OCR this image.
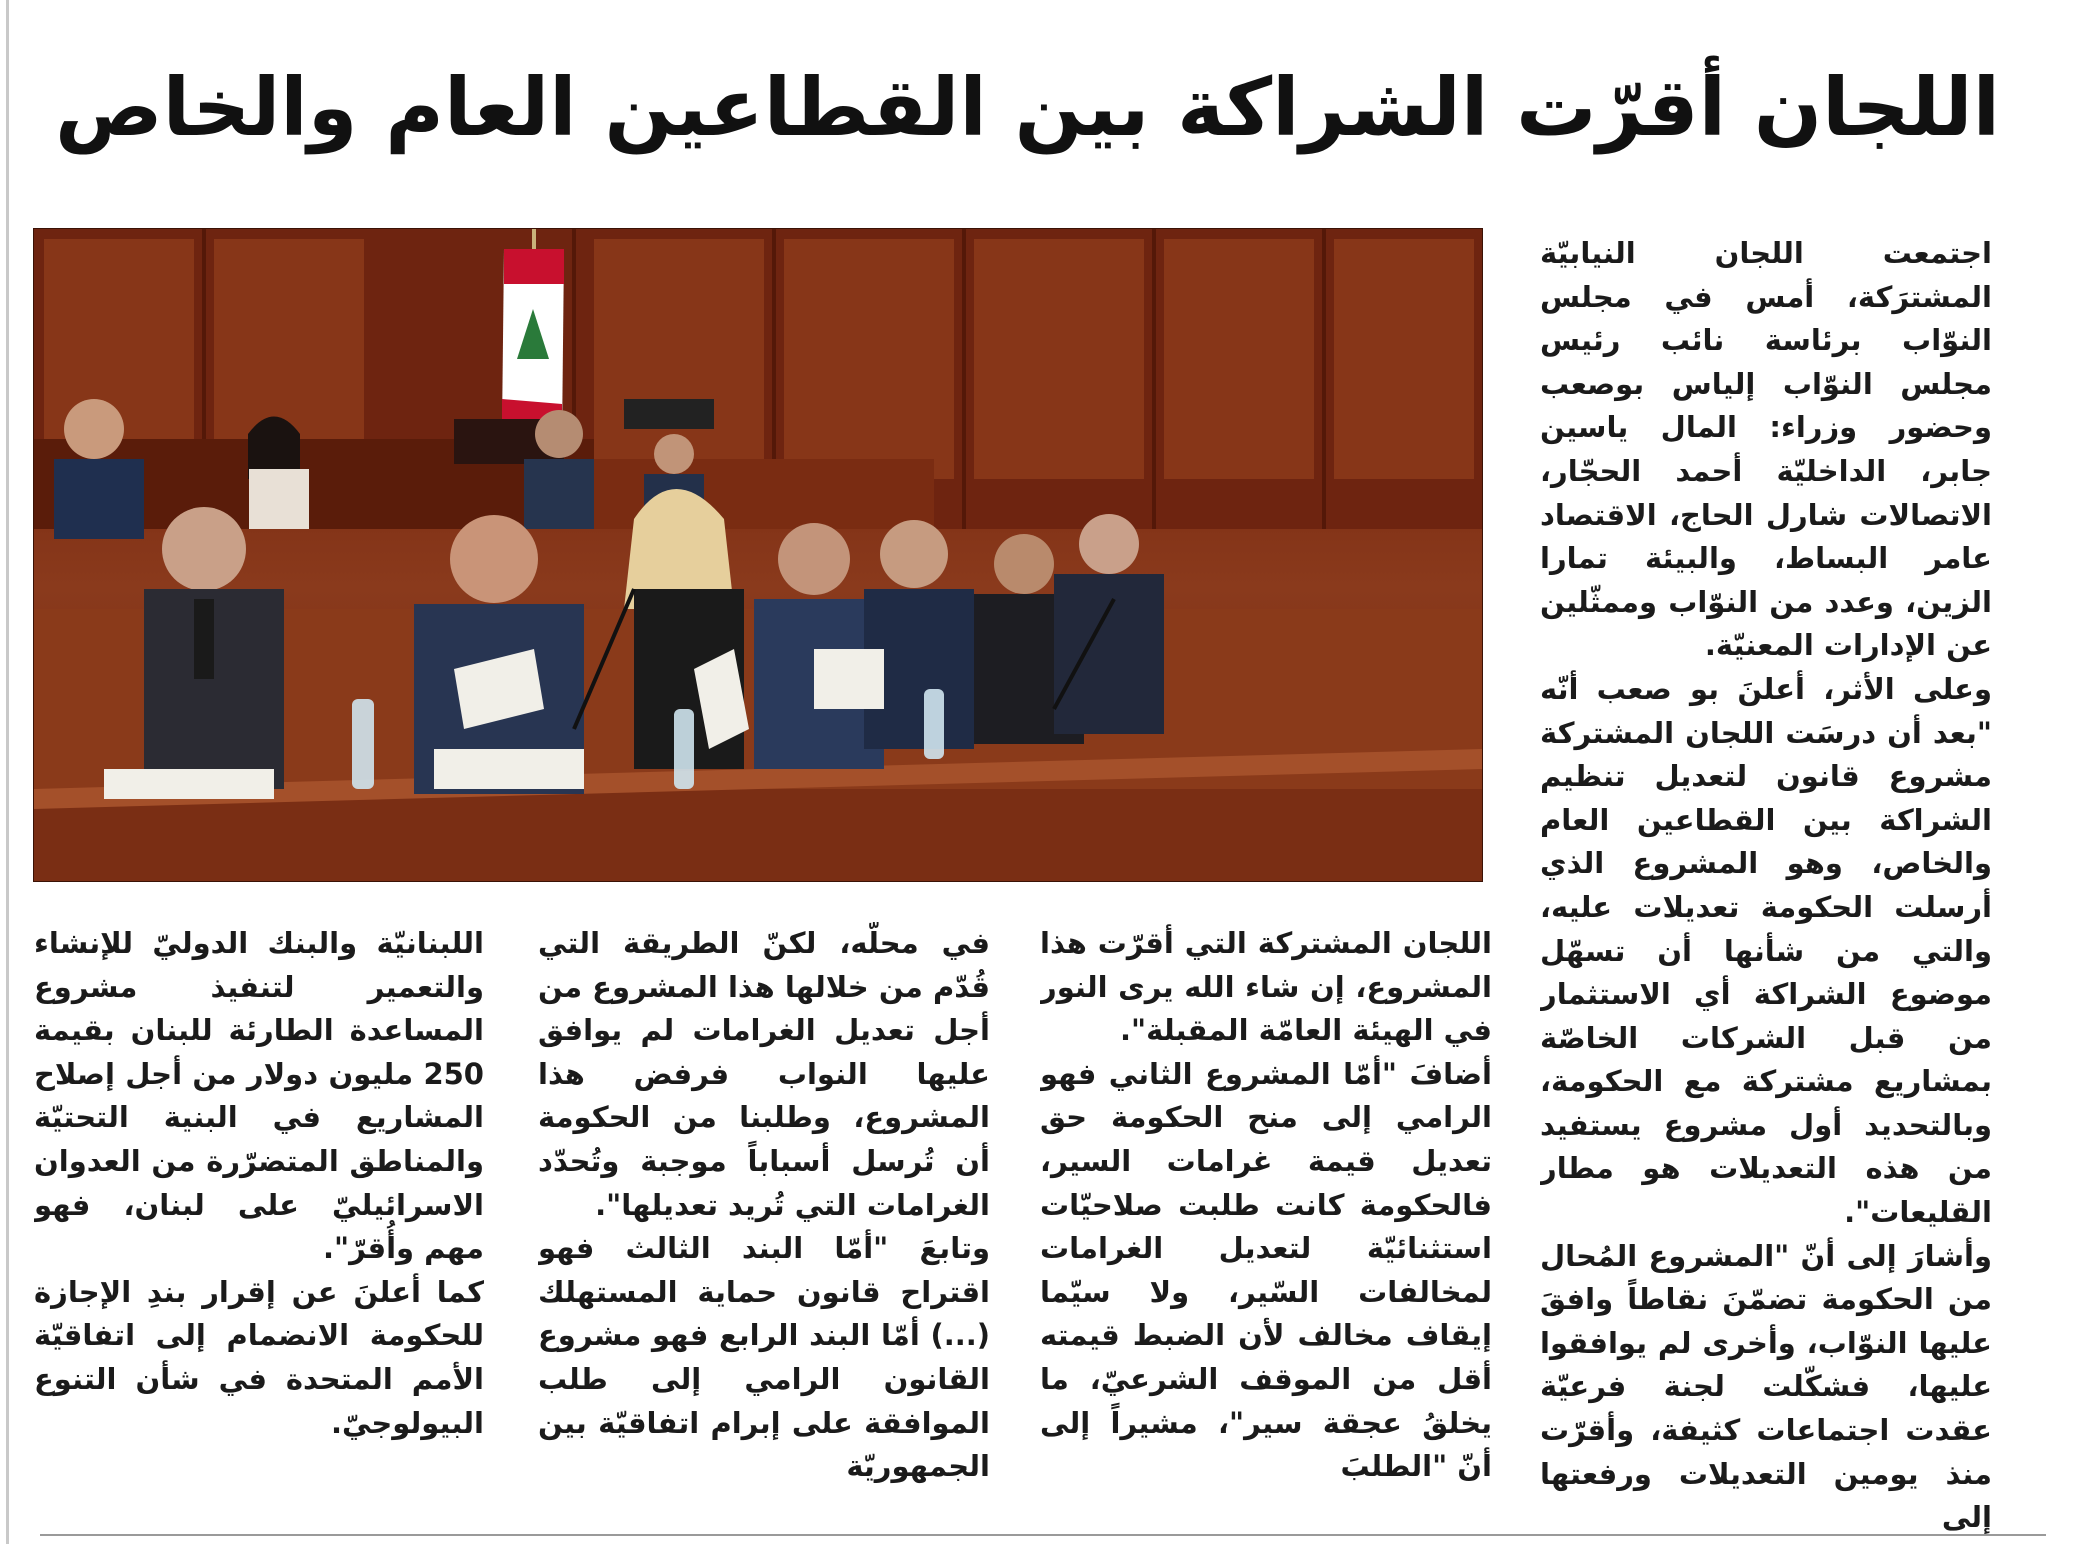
اللجان أقرّت الشراكة بين القطاعين العام والخاص

اجتمعت اللجان النيابيّة المشترَكة، أمس في مجلس النوّاب برئاسة نائب رئيس مجلس النوّاب إلياس بوصعب وحضور وزراء: المال ياسين جابر، الداخليّة أحمد الحجّار، الاتصالات شارل الحاج، الاقتصاد عامر البساط، والبيئة تمارا الزين، وعدد من النوّاب وممثّلين عن الإدارات المعنيّة.

وعلى الأثر، أعلنَ بو صعب أنّه "بعد أن درسَت اللجان المشتركة مشروع قانون لتعديل تنظيم الشراكة بين القطاعين العام والخاص، وهو المشروع الذي أرسلت الحكومة تعديلات عليه، والتي من شأنها أن تسهّل موضوع الشراكة أي الاستثمار من قبل الشركات الخاصّة بمشاريع مشتركة مع الحكومة، وبالتحديد أول مشروع يستفيد من هذه التعديلات هو مطار القليعات".

وأشارَ إلى أنّ "المشروع المُحال من الحكومة تضمّنَ نقاطاً وافقَ عليها النوّاب، وأخرى لم يوافقوا عليها، فشكّلت لجنة فرعيّة عقدت اجتماعات كثيفة، وأقرّت منذ يومين التعديلات ورفعتها إلى

اللجان المشتركة التي أقرّت هذا المشروع، إن شاء الله يرى النور في الهيئة العامّة المقبلة".

أضافَ "أمّا المشروع الثاني فهو الرامي إلى منح الحكومة حق تعديل قيمة غرامات السير، فالحكومة كانت طلبت صلاحيّات استثنائيّة لتعديل الغرامات لمخالفات السّير، ولا سيّما إيقاف مخالف لأن الضبط قيمته أقل من الموقف الشرعيّ، ما يخلقُ عجقة سير"، مشيراً إلى أنّ "الطلبَ

في محلّه، لكنّ الطريقة التي قُدّم من خلالها هذا المشروع من أجل تعديل الغرامات لم يوافق عليها النواب فرفض هذا المشروع، وطلبنا من الحكومة أن تُرسل أسباباً موجبة وتُحدّد الغرامات التي تُريد تعديلها".

وتابعَ "أمّا البند الثالث فهو اقتراح قانون حماية المستهلك (...) أمّا البند الرابع فهو مشروع القانون الرامي إلى طلب الموافقة على إبرام اتفاقيّة بين الجمهوريّة

اللبنانيّة والبنك الدوليّ للإنشاء والتعمير لتنفيذ مشروع المساعدة الطارئة للبنان بقيمة 250 مليون دولار من أجل إصلاح المشاريع في البنية التحتيّة والمناطق المتضرّرة من العدوان الاسرائيليّ على لبنان، فهو مهم وأُقرّ".

كما أعلنَ عن إقرار بندِ الإجازة للحكومة الانضمام إلى اتفاقيّة الأمم المتحدة في شأن التنوع البيولوجيّ.
